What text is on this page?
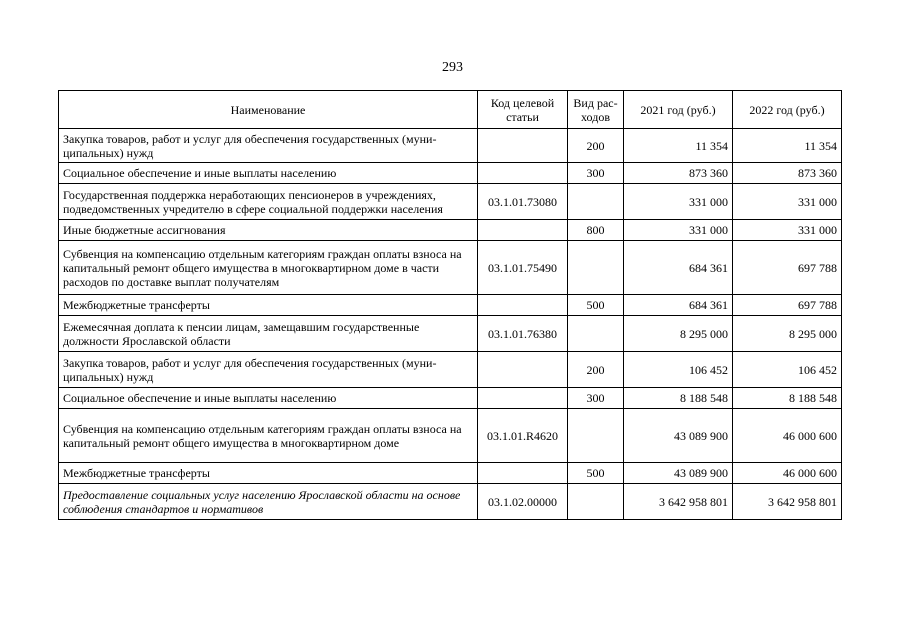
293
Наименование	Код целевой статьи	Вид рас-ходов	2021 год (руб.)	2022 год (руб.)
Закупка товаров, работ и услуг для обеспечения государственных (муни-ципальных) нужд		200	11 354	11 354
Социальное обеспечение и иные выплаты населению		300	873 360	873 360
Государственная поддержка неработающих пенсионеров в учреждениях, подведомственных учредителю в сфере социальной поддержки населения	03.1.01.73080		331 000	331 000
Иные бюджетные ассигнования		800	331 000	331 000
Субвенция на компенсацию отдельным категориям граждан оплаты взноса на капитальный ремонт общего имущества в многоквартирном доме в части расходов по доставке выплат получателям	03.1.01.75490		684 361	697 788
Межбюджетные трансферты		500	684 361	697 788
Ежемесячная доплата к пенсии лицам, замещавшим государственные должности Ярославской области	03.1.01.76380		8 295 000	8 295 000
Закупка товаров, работ и услуг для обеспечения государственных (муни-ципальных) нужд		200	106 452	106 452
Социальное обеспечение и иные выплаты населению		300	8 188 548	8 188 548
Субвенция на компенсацию отдельным категориям граждан оплаты взноса на капитальный ремонт общего имущества в многоквартирном доме	03.1.01.R4620		43 089 900	46 000 600
Межбюджетные трансферты		500	43 089 900	46 000 600
Предоставление социальных услуг населению Ярославской области на основе соблюдения стандартов и нормативов	03.1.02.00000		3 642 958 801	3 642 958 801
